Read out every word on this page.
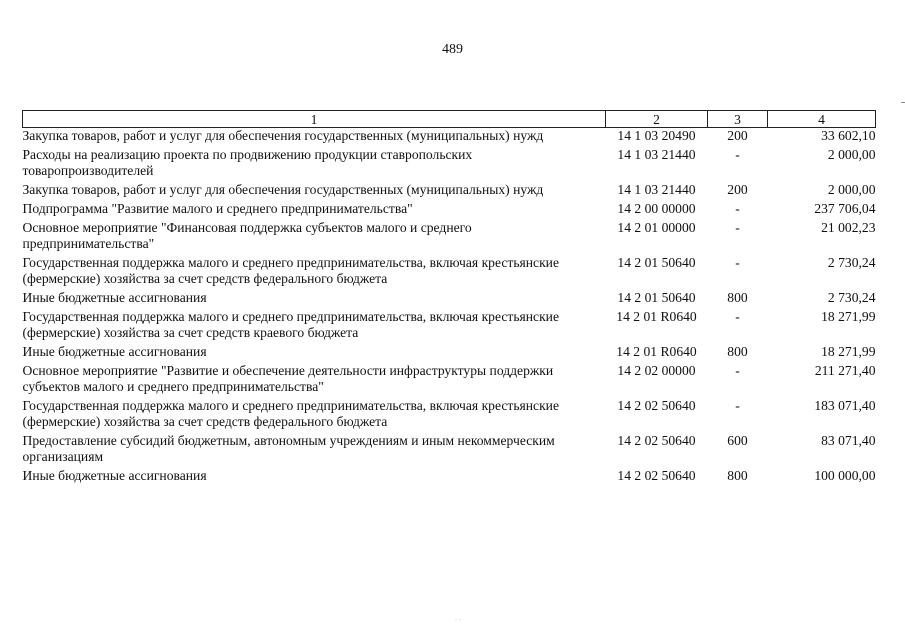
489
1	2	3	4
Закупка товаров, работ и услуг для обеспечения государственных (муниципальных) нужд	14 1 03 20490	200	33 602,10
Расходы на реализацию проекта по продвижению продукции ставропольских товаропроизводителей	14 1 03 21440	-	2 000,00
Закупка товаров, работ и услуг для обеспечения государственных (муниципальных) нужд	14 1 03 21440	200	2 000,00
Подпрограмма "Развитие малого и среднего предпринимательства"	14 2 00 00000	-	237 706,04
Основное мероприятие "Финансовая поддержка субъектов малого и среднего предпринимательства"	14 2 01 00000	-	21 002,23
Государственная поддержка малого и среднего предпринимательства, включая крестьянские (фермерские) хозяйства за счет средств федерального бюджета	14 2 01 50640	-	2 730,24
Иные бюджетные ассигнования	14 2 01 50640	800	2 730,24
Государственная поддержка малого и среднего предпринимательства, включая крестьянские (фермерские) хозяйства за счет средств краевого бюджета	14 2 01 R0640	-	18 271,99
Иные бюджетные ассигнования	14 2 01 R0640	800	18 271,99
Основное мероприятие "Развитие и обеспечение деятельности инфраструктуры поддержки субъектов малого и среднего предпринимательства"	14 2 02 00000	-	211 271,40
Государственная поддержка малого и среднего предпринимательства, включая крестьянские (фермерские) хозяйства за счет средств федерального бюджета	14 2 02 50640	-	183 071,40
Предоставление субсидий бюджетным, автономным учреждениям и иным некоммерческим организациям	14 2 02 50640	600	83 071,40
Иные бюджетные ассигнования	14 2 02 50640	800	100 000,00
. .
